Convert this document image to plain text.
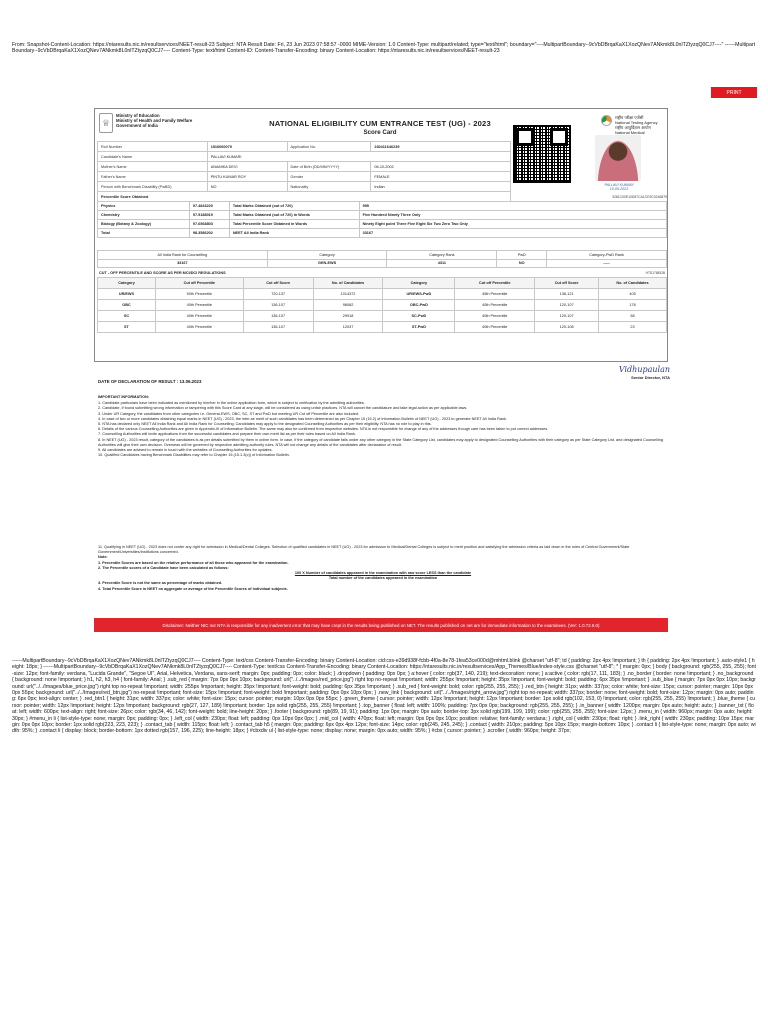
From: Snapshot-Content-Location: https://ntaresults.nic.in/resultservices/NEET-result-23 Subject: NTA Result Date: Fri, 23 Jun 2023 07:58:57 -0000 MIME-Version: 1.0 Content-Type: multipart/related; type="text/html"; boundary="----MultipartBoundary--9cVbDBrqaKaX1XozQNev7ANkmk8L0nlTZtyzqQ0CJ7----" ------MultipartBoundary--9cVbDBrqaKaX1XozQNev7ANkmk8L0nlTZtyzqQ0CJ7---- Content-Type: text/html Content-ID: Content-Transfer-Encoding: binary Content-Location: https://ntaresults.nic.in/resultservices/NEET-result-23
PRINT
♕
Ministry of Education
Ministry of Health and Family Welfare
Government of India	NATIONAL ELIGIBILITY CUM ENTRANCE TEST (UG) - 2023
Score Card
राष्ट्रीय परीक्षा एजेंसी
National Testing Agency
राष्ट्रीय आयुर्विज्ञान आयोग
National Medical
Roll Number	1516060079	Application No.	230411646239
Candidate's Name	PALLAVI KUMARI		
Mother's Name	ANAMIKA DEVI	Date of Birth (DD/MM/YYYY)	06-10-2002
Father's Name	PINTU KUMAR ROY	Gender	FEMALE
Person with Benchmark Disability (PwBD)	NO	Nationality	Indian
Percentile Score Obtained			
PALLAVI KUMARI
10-06-2023
3281C00E10D87CA1CE3C0246879
Physics	97.4843220	Total Marks Obtained (out of 720)	595
Chemistry	97.5188019	Total Marks Obtained (out of 720) in Words	Five Hundred Ninety Three Only
Biology (Botany & Zoology)	97.6568803	Total Percentile Score Obtained in Words	Ninety Eight point Three Five Eight Six Two Zero Two Only
Total	98.3586202	NEET All India Rank	33167
All India Rank for Counselling	Category	Category Rank	PwD	Category-PwD Rank
33167	GEN-EWS	4311	NO	-----
CUT - OFF PERCENTILE AND SCORE AS PER MCI/DCI REGULATIONS	HTD176852B
Category	Cut off Percentile	Cut off Score	No. of Candidates	Category	Cut off Percentile	Cut off Score	No. of Candidates
UR/EWS	50th Percentile	720-137	1014372	UR/EWS-PwD	45th Percentile	136-121	405
OBC	40th Percentile	136-107	98082	OBC-PwD	40th Percentile	120-107	176
SC	40th Percentile	136-107	29918	SC-PwD	40th Percentile	120-107	58
ST	40th Percentile	136-107	12037	ST-PwD	40th Percentile	120-108	23
DATE OF DECLARATION OF RESULT : 13.06.2023
Vidhupaulan
Senior Director, NTA
IMPORTANT INFORMATION:
1. Candidate particulars have been indicated as mentioned by him/her in the online application form, which is subject to verification by the admitting authorities.
2. Candidate, if found submitting wrong information or tampering with this Score Card at any stage, will be considered as using unfair practices. NTA will cancel the candidature and take legal action as per applicable laws.
3. Under UR Category, the candidates from other categories i.e. General-EWS, OBC, SC, ST and PwD but meeting UR Cut off Percentile are also included.
4. In case of two or more candidates obtaining equal marks in NEET (UG) - 2023, the inter-se merit of such candidates has been determined as per Chapter 15 (15.2) of Information Bulletin of NEET (UG) - 2023 to generate NEET All India Rank.
5. NTA has declared only NEET All India Rank and All India Rank for Counselling. Candidates may apply to the designated Counselling Authorities as per their eligibility. NTA has no role to play in this.
6. Details of the various Counselling Authorities are given in Appendix-III of Information Bulletin. The same may also be confirmed from respective websites. NTA is not responsible for change of any of the addresses though care has been taken to put correct addresses.
7. Counselling Authorities will invite applications from the successful candidates and prepare their own merit list as per their rules based on All India Rank.
8. In NEET (UG) - 2023 result, category of the candidates is as per details submitted by them in online form. In case, if the category of candidate falls under any other category in the State Category List, candidates may apply to designated Counselling Authorities with their category as per State Category List, and designated Counselling Authorities will give their own decision. Overseas will be governed by respective admitting authority rules. NTA will not change any details of the candidates after declaration of result.
9. All candidates are advised to remain in touch with the websites of Counselling Authorities for updates.
10. Qualified Candidates having Benchmark Disabilities may refer to Chapter 15 (15.1.3(c)) of Information Bulletin.
11. Qualifying in NEET (UG) - 2023 does not confer any right for admission in Medical/Dental Colleges. Selection of qualified candidates in NEET (UG) - 2023 for admission to Medical/Dental Colleges is subject to merit position and satisfying the admission criteria as laid down in the rules of Central Government/State Government/Universities/Institutions concerned.
Note:
1. Percentile Scores are based on the relative performance of all those who appeared for the examination.
2. The Percentile scores of a Candidate have been calculated as follows:
100 X Number of candidates appeared in the examination with raw score LESS than the candidate
Total number of the candidates appeared in the examination
3. Percentile Score is not the same as percentage of marks obtained.
4. Total Percentile Score in NEET on aggregate or average of the Percentile Scores of individual subjects.
Disclaimer: Neither NIC nor NTA is responsible for any inadvertent error that may have crept in the results being published on NET. The results published on net are for immediate information to the examinees. (Ver: 1.0.72.6.0)
------MultipartBoundary--9cVbDBrqaKaX1XozQNev7ANkmk8L0nlTZtyzqQ0CJ7---- Content-Type: text/css Content-Transfer-Encoding: binary Content-Location: cid:css-e39d938f-fcbb-4f0a-8e78-1fea53ce000d@mhtml.blink @charset "utf-8"; td { padding: 2px 4px !important; } th { padding: 2px 4px !important; } .auto-style1 { height: 18px; } ------MultipartBoundary--9cVbDBrqaKaX1XozQNev7ANkmk8L0nlTZtyzqQ0CJ7---- Content-Type: text/css Content-Transfer-Encoding: binary Content-Location: https://ntaresults.nic.in/resultservices/App_Themes/Blue/index-style.css @charset "utf-8"; * { margin: 0px; } body { background: rgb(255, 255, 255); font-size: 12px; font-family: verdana, "Lucida Grande", "Segoe UI", Arial, Helvetica, Verdana, sans-serif; margin: 0px; padding: 0px; color: black; } .dropdown { padding: 0px 0px; } a:hover { color: rgb(37, 140, 219); text-decoration: none; } a:active { color: rgb(17, 111, 183); } .no_border { border: none !important; } .no_background { background: none !important; } h1, h2, h3, h4 { font-family: Arial; } .sub_red { margin: 7px 0px 0px 10px; background: url("../../Images/red_price.jpg") right top no-repeat !important; width: 255px !important; height: 35px !important; font-weight: bold; padding: 6px 35px !important; } .sub_blue { margin: 7px 0px 0px 10px; background: url("../../Images/blue_price.jpg") right top no-repeat !important; width: 255px !important; height: 35px !important; font-weight: bold; padding: 6px 35px !important; } .sub_red { font-weight: bold; color: rgb(255, 255, 255); } .red_btn { height: 31px; width: 337px; color: white; font-size: 15px; cursor: pointer; margin: 10px 0px 0px 55px; background: url("../../Images/red_btn.jpg") no-repeat !important; font-size: 15px !important; font-weight: bold !important; padding: 0px 0px 10px 0px; } .new_link { background: url("../../Images/right_arrow.jpg") right top no-repeat; width: 337px; border: none; font-weight: bold; font-size: 12px; margin: 0px auto; padding: 6px 0px; text-align: center; } .red_btn1 { height: 31px; width: 337px; color: white; font-size: 15px; cursor: pointer; margin: 10px 0px 0px 55px; } .green_theme { cursor: pointer; width: 12px !important; height: 12px !important; border: 1px solid rgb(102, 153, 0) !important; color: rgb(255, 255, 255) !important; } .blue_theme { cursor: pointer; width: 12px !important; height: 12px !important; background: rgb(27, 127, 189) !important; border: 1px solid rgb(255, 255, 255) !important; } .top_banner { float: left; width: 100%; padding: 7px 0px 0px; background: rgb(255, 255, 255); } .in_banner { width: 1200px; margin: 0px auto; height: auto; } .banner_txt { float: left; width: 600px; text-align: right; font-size: 26px; color: rgb(34, 46, 142); font-weight: bold; line-height: 20px; } .footer { background: rgb(89, 19, 91); padding: 1px 0px; margin: 0px auto; border-top: 3px solid rgb(199, 199, 199); color: rgb(255, 255, 255); font-size: 12px; } .menu_in { width: 960px; margin: 0px auto; height: 30px; } #menu_in li { list-style-type: none; margin: 0px; padding: 0px; } .left_col { width: 230px; float: left; padding: 0px 10px 0px 0px; } .mid_col { width: 470px; float: left; margin: 0px 0px 0px 10px; position: relative; font-family: verdana; } .right_col { width: 230px; float: right; } .link_right { width: 230px; padding: 10px 15px; margin: 0px 0px 10px; border: 1px solid rgb(223, 223, 223); } .contact_tab { width: 115px; float: left; } .contact_tab h5 { margin: 0px; padding: 6px 0px 4px 12px; font-size: 14px; color: rgb(245, 245, 245); } .contact { width: 210px; padding: 5px 10px 15px; margin-bottom: 10px; } .contact li { list-style-type: none; margin: 0px auto; width: 95%; } .contact li { display: block; border-bottom: 1px dotted rgb(157, 196, 225); line-height: 18px; } #cbxdiv ul { list-style-type: none; display: none; margin: 0px auto; width: 95%; } #cbx { cursor: pointer; } .scroller { width: 960px; height: 37px;
